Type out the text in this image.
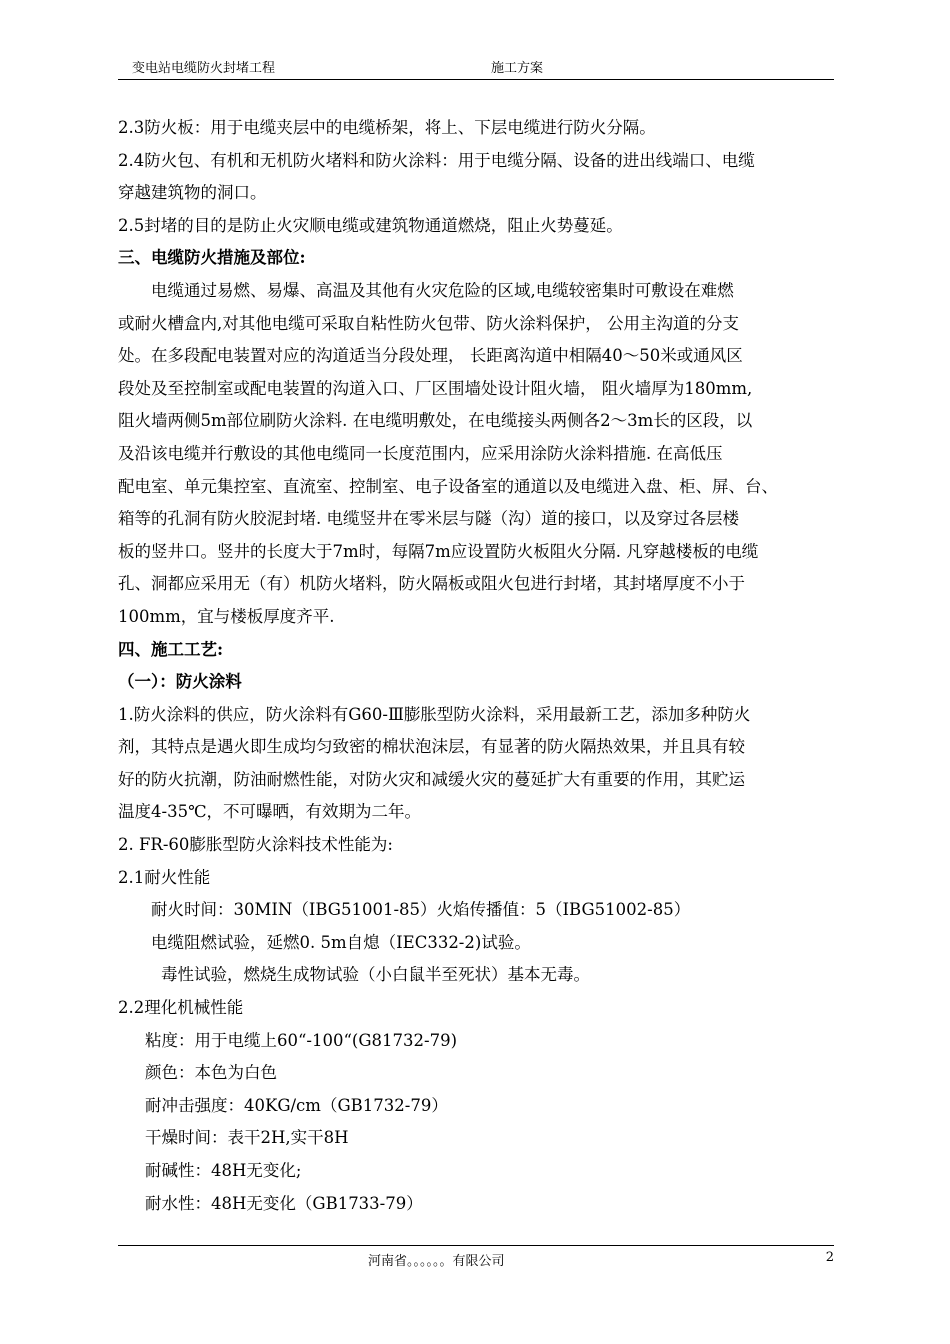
变电站电缆防火封堵工程	施工方案

2.3防火板：用于电缆夹层中的电缆桥架，将上、下层电缆进行防火分隔。

2.4防火包、有机和无机防火堵料和防火涂料：用于电缆分隔、设备的进出线端口、电缆

穿越建筑物的洞口。

2.5封堵的目的是防止火灾顺电缆或建筑物通道燃烧，阻止火势蔓延。

三、电缆防火措施及部位:

电缆通过易燃、易爆、高温及其他有火灾危险的区域,电缆较密集时可敷设在难燃

或耐火槽盒内,对其他电缆可采取自粘性防火包带、防火涂料保护， 公用主沟道的分支

处。在多段配电装置对应的沟道适当分段处理， 长距离沟道中相隔40～50米或通风区

段处及至控制室或配电装置的沟道入口、厂区围墙处设计阻火墙， 阻火墙厚为180mm,

阻火墙两侧5m部位刷防火涂料. 在电缆明敷处，在电缆接头两侧各2～3m长的区段，以

及沿该电缆并行敷设的其他电缆同一长度范围内，应采用涂防火涂料措施. 在高低压

配电室、单元集控室、直流室、控制室、电子设备室的通道以及电缆进入盘、柜、屏、台、

箱等的孔洞有防火胶泥封堵. 电缆竖井在零米层与隧（沟）道的接口，以及穿过各层楼

板的竖井口。竖井的长度大于7m时，每隔7m应设置防火板阻火分隔. 凡穿越楼板的电缆

孔、洞都应采用无（有）机防火堵料，防火隔板或阻火包进行封堵，其封堵厚度不小于

100mm，宜与楼板厚度齐平.

四、施工工艺:

（一）：防火涂料

1.防火涂料的供应，防火涂料有G60-Ⅲ膨胀型防火涂料，采用最新工艺，添加多种防火

剂，其特点是遇火即生成均匀致密的棉状泡沫层，有显著的防火隔热效果，并且具有较

好的防火抗潮，防油耐燃性能，对防火灾和减缓火灾的蔓延扩大有重要的作用，其贮运

温度4-35℃，不可曝晒，有效期为二年。

2. FR-60膨胀型防火涂料技术性能为:

2.1耐火性能

耐火时间：30MIN（IBG51001-85）火焰传播值：5（IBG51002-85）

电缆阻燃试验，延燃0. 5m自熄（IEC332-2)试验。

毒性试验，燃烧生成物试验（小白鼠半至死状）基本无毒。

2.2理化机械性能

粘度：用于电缆上60“-100“(G81732-79)

颜色：本色为白色

耐冲击强度：40KG/cm（GB1732-79）

干燥时间：表干2H,实干8H

耐碱性：48H无变化;

耐水性：48H无变化（GB1733-79）

河南省。。。。。。有限公司	2
